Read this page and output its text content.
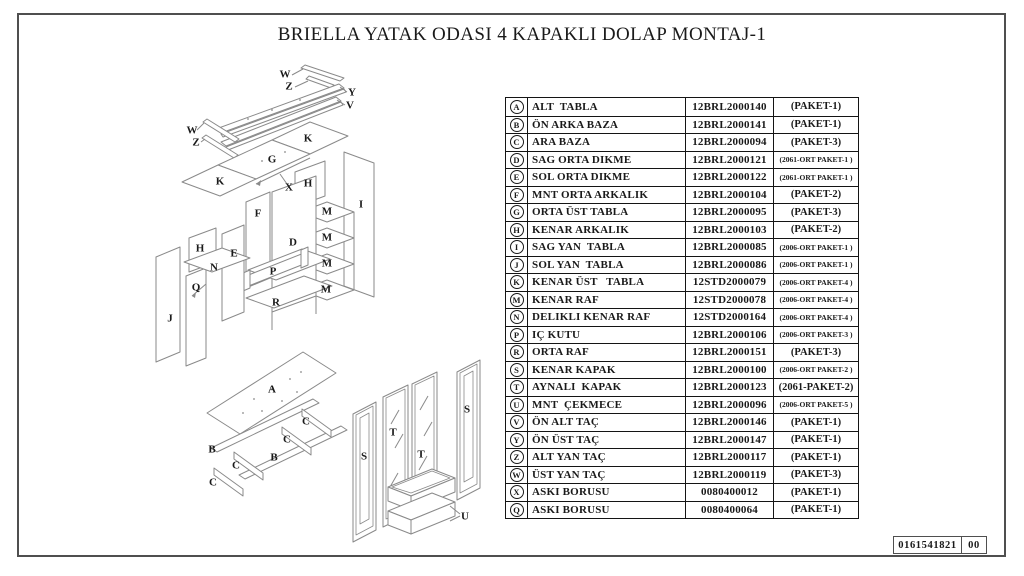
BRIELLA YATAK ODASI 4 KAPAKLI DOLAP MONTAJ-1
W
Z	Y
V
W
Z	K
G
K	X H
M
M
M
M
I
F
D
H E
N
Q
J
P
R
A
B
B
C
C
C
C
S
T
T
S
U
A	ALT  TABLA	12BRL2000140	(PAKET-1)
B	ÖN ARKA BAZA	12BRL2000141	(PAKET-1)
C	ARA BAZA	12BRL2000094	(PAKET-3)
D	SAG ORTA DIKME	12BRL2000121	(2061-ORT PAKET-1 )
E	SOL ORTA DIKME	12BRL2000122	(2061-ORT PAKET-1 )
F	MNT ORTA ARKALIK	12BRL2000104	(PAKET-2)
G	ORTA ÜST TABLA	12BRL2000095	(PAKET-3)
H	KENAR ARKALIK	12BRL2000103	(PAKET-2)
I	SAG YAN  TABLA	12BRL2000085	(2006-ORT PAKET-1 )
J	SOL YAN  TABLA	12BRL2000086	(2006-ORT PAKET-1 )
K	KENAR ÜST   TABLA	12STD2000079	(2006-ORT PAKET-4 )
M	KENAR RAF	12STD2000078	(2006-ORT PAKET-4 )
N	DELIKLI KENAR RAF	12STD2000164	(2006-ORT PAKET-4 )
P	IÇ KUTU	12BRL2000106	(2006-ORT PAKET-3 )
R	ORTA RAF	12BRL2000151	(PAKET-3)
S	KENAR KAPAK	12BRL2000100	(2006-ORT PAKET-2 )
T	AYNALI  KAPAK	12BRL2000123	(2061-PAKET-2)
U	MNT  ÇEKMECE	12BRL2000096	(2006-ORT PAKET-5 )
V	ÖN ALT TAÇ	12BRL2000146	(PAKET-1)
Y	ÖN ÜST TAÇ	12BRL2000147	(PAKET-1)
Z	ALT YAN TAÇ	12BRL2000117	(PAKET-1)
W	ÜST YAN TAÇ	12BRL2000119	(PAKET-3)
X	ASKI BORUSU	0080400012	(PAKET-1)
Q	ASKI BORUSU	0080400064	(PAKET-1)
0161541821	00
